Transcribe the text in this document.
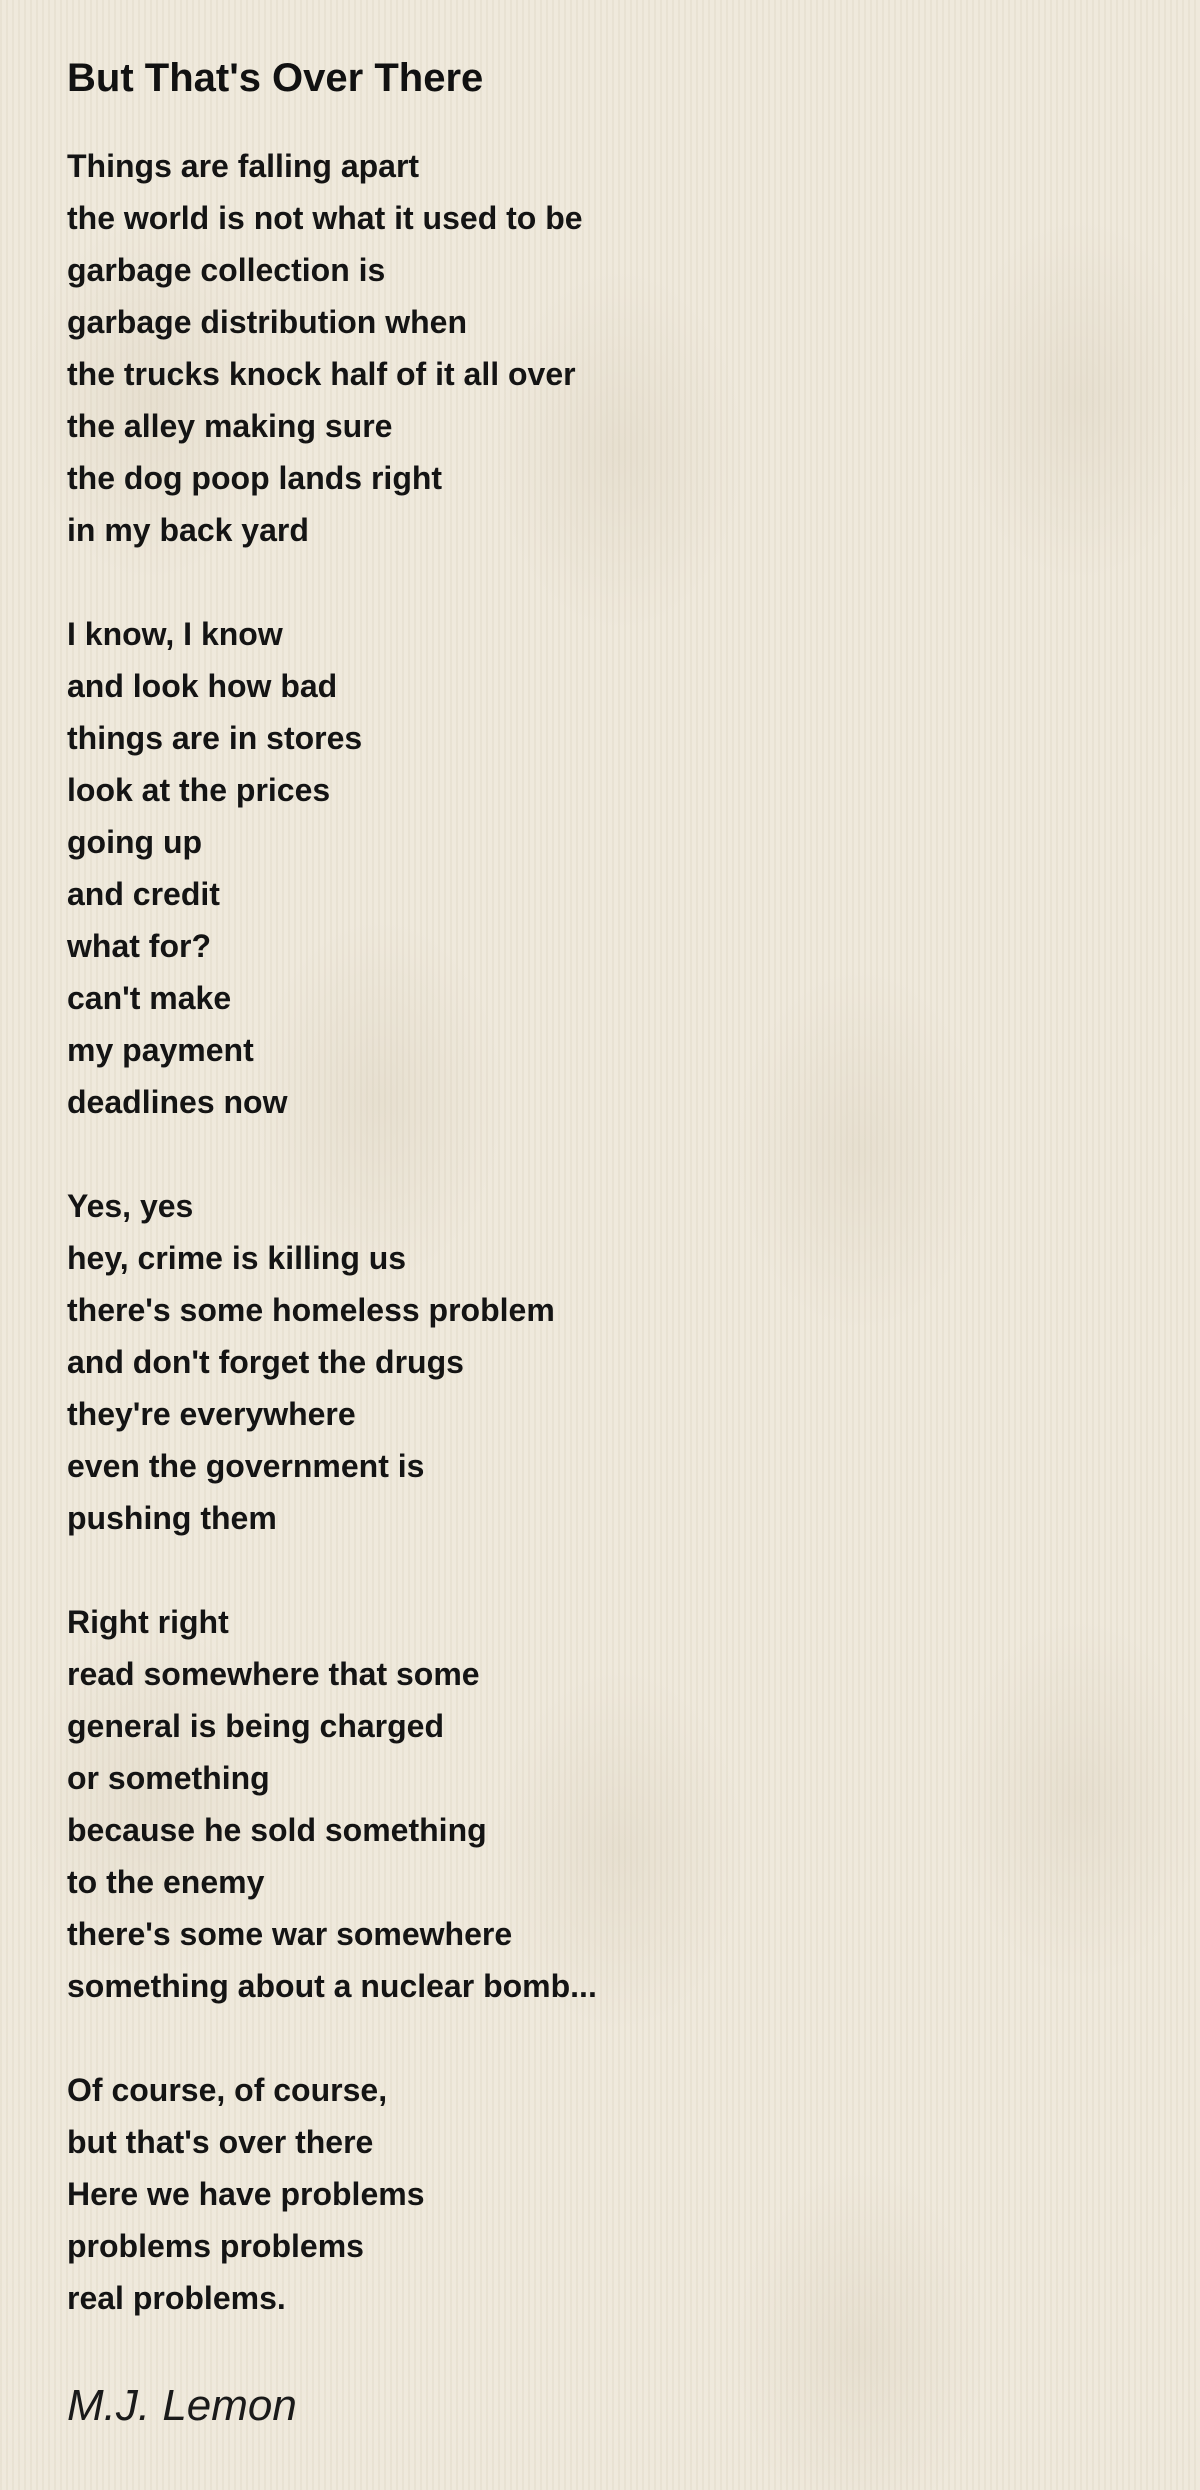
But That's Over There
Things are falling apart
the world is not what it used to be
garbage collection is
garbage distribution when
the trucks knock half of it all over
the alley making sure
the dog poop lands right
in my back yard
I know, I know
and look how bad
things are in stores
look at the prices
going up
and credit
what for?
can't make
my payment
deadlines now
Yes, yes
hey, crime is killing us
there's some homeless problem
and don't forget the drugs
they're everywhere
even the government is
pushing them
Right right
read somewhere that some
general is being charged
or something
because he sold something
to the enemy
there's some war somewhere
something about a nuclear bomb...
Of course, of course,
but that's over there
Here we have problems
problems problems
real problems.
M.J. Lemon
